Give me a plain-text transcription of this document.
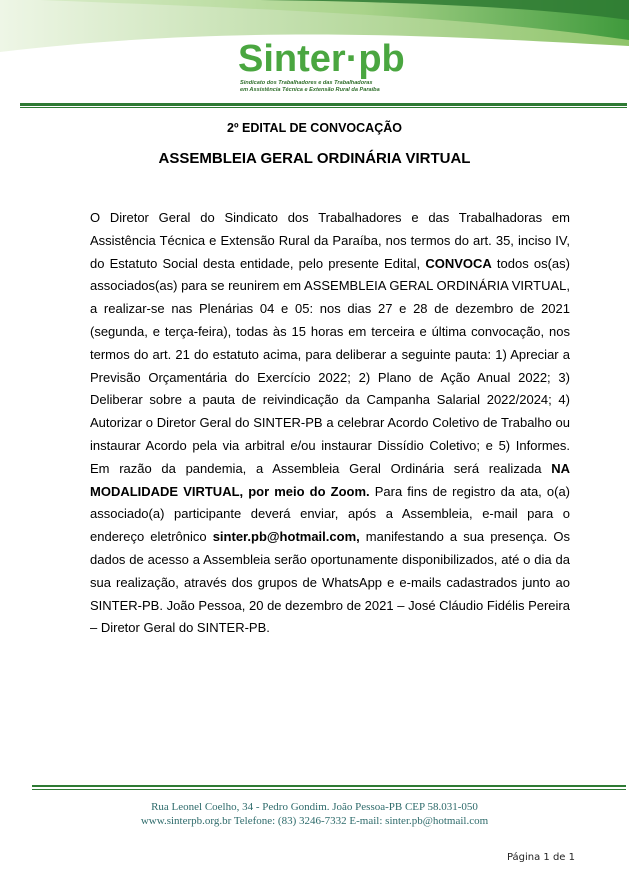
Sinter·pb
Sindicato dos Trabalhadores e das Trabalhadoras
em Assistência Técnica e Extensão Rural da Paraíba
2º EDITAL DE CONVOCAÇÃO
ASSEMBLEIA GERAL ORDINÁRIA VIRTUAL

O Diretor Geral do Sindicato dos Trabalhadores e das Trabalhadoras em Assistência Técnica e Extensão Rural da Paraíba, nos termos do art. 35, inciso IV, do Estatuto Social desta entidade, pelo presente Edital, CONVOCA todos os(as) associados(as) para se reunirem em ASSEMBLEIA GERAL ORDINÁRIA VIRTUAL, a realizar-se nas Plenárias 04 e 05: nos dias 27 e 28 de dezembro de 2021 (segunda, e terça-feira), todas às 15 horas em terceira e última convocação, nos termos do art. 21 do estatuto acima, para deliberar a seguinte pauta: 1) Apreciar a Previsão Orçamentária do Exercício 2022; 2) Plano de Ação Anual 2022; 3) Deliberar sobre a pauta de reivindicação da Campanha Salarial 2022/2024; 4) Autorizar o Diretor Geral do SINTER-PB a celebrar Acordo Coletivo de Trabalho ou instaurar Acordo pela via arbitral e/ou instaurar Dissídio Coletivo; e 5) Informes. Em razão da pandemia, a Assembleia Geral Ordinária será realizada NA MODALIDADE VIRTUAL, por meio do Zoom. Para fins de registro da ata, o(a) associado(a) participante deverá enviar, após a Assembleia, e-mail para o endereço eletrônico sinter.pb@hotmail.com, manifestando a sua presença. Os dados de acesso a Assembleia serão oportunamente disponibilizados, até o dia da sua realização, através dos grupos de WhatsApp e e-mails cadastrados junto ao SINTER-PB. João Pessoa, 20 de dezembro de 2021 – José Cláudio Fidélis Pereira – Diretor Geral do SINTER-PB.

Rua Leonel Coelho, 34 - Pedro Gondim. João Pessoa-PB CEP 58.031-050
www.sinterpb.org.br Telefone: (83) 3246-7332 E-mail: sinter.pb@hotmail.com
Página 1 de 1
